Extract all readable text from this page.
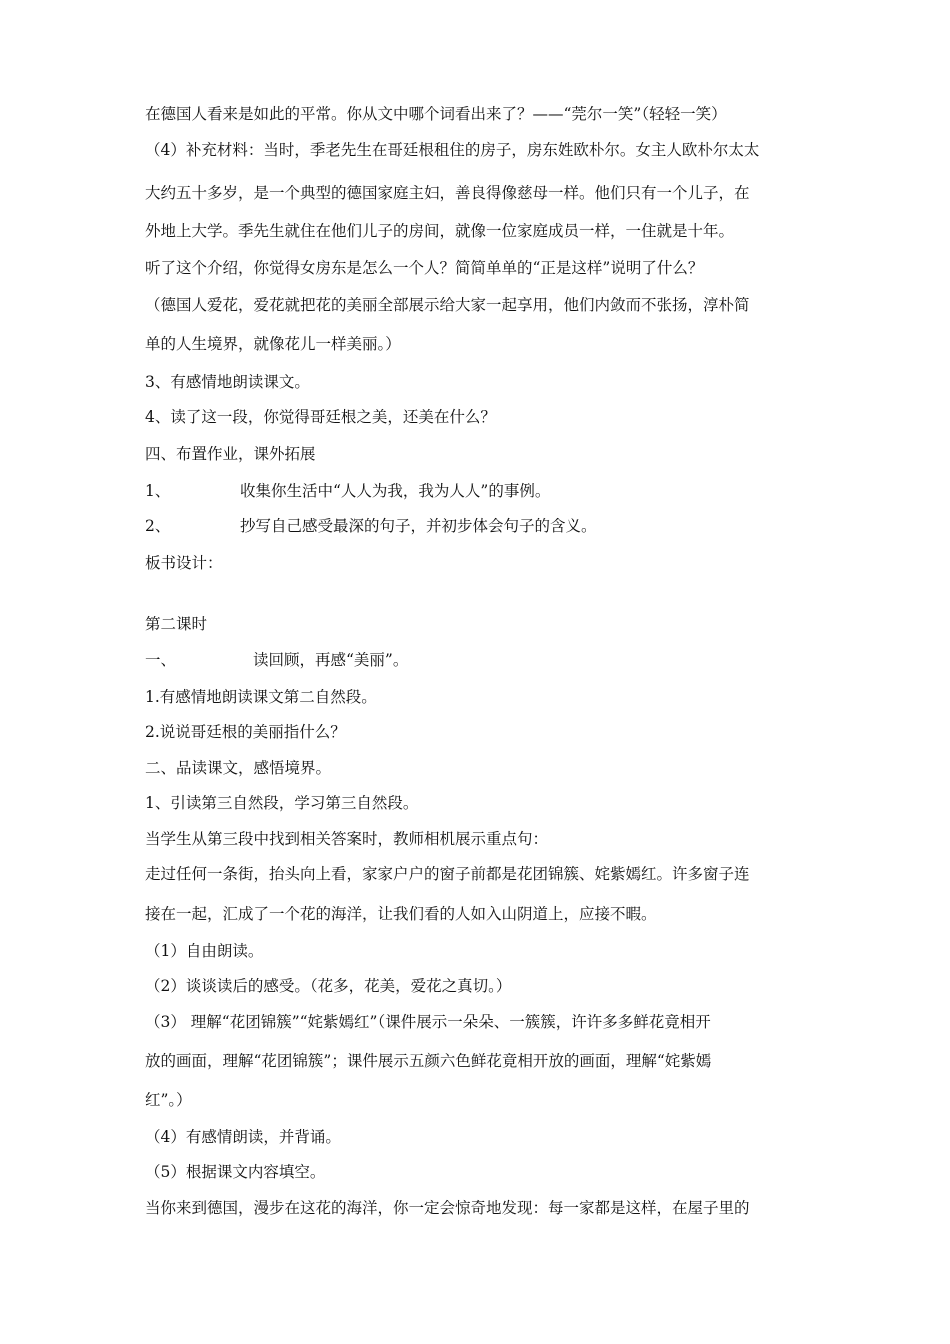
在德国人看来是如此的平常。你从文中哪个词看出来了？——“莞尔一笑”（轻轻一笑）
（4）补充材料：当时，季老先生在哥廷根租住的房子，房东姓欧朴尔。女主人欧朴尔太太
大约五十多岁，是一个典型的德国家庭主妇，善良得像慈母一样。他们只有一个儿子，在
外地上大学。季先生就住在他们儿子的房间，就像一位家庭成员一样，一住就是十年。
听了这个介绍，你觉得女房东是怎么一个人？简简单单的“正是这样”说明了什么？
（德国人爱花，爱花就把花的美丽全部展示给大家一起享用，他们内敛而不张扬，淳朴简
单的人生境界，就像花儿一样美丽。）
3、有感情地朗读课文。
4、读了这一段，你觉得哥廷根之美，还美在什么？
四、布置作业，课外拓展
1、	收集你生活中“人人为我，我为人人”的事例。
2、	抄写自己感受最深的句子，并初步体会句子的含义。
板书设计：
第二课时
一、	读回顾，再感“美丽”。
1.有感情地朗读课文第二自然段。
2.说说哥廷根的美丽指什么？
二、品读课文，感悟境界。
1、引读第三自然段，学习第三自然段。
当学生从第三段中找到相关答案时，教师相机展示重点句：
走过任何一条街，抬头向上看，家家户户的窗子前都是花团锦簇、姹紫嫣红。许多窗子连
接在一起，汇成了一个花的海洋，让我们看的人如入山阴道上，应接不暇。
（1）自由朗读。
（2）谈谈读后的感受。（花多，花美，爱花之真切。）
（3） 理解“花团锦簇”“姹紫嫣红”（课件展示一朵朵、一簇簇，许许多多鲜花竟相开
放的画面，理解“花团锦簇”；课件展示五颜六色鲜花竟相开放的画面，理解“姹紫嫣
红”。）
（4）有感情朗读，并背诵。
（5）根据课文内容填空。
当你来到德国，漫步在这花的海洋，你一定会惊奇地发现：每一家都是这样，在屋子里的
